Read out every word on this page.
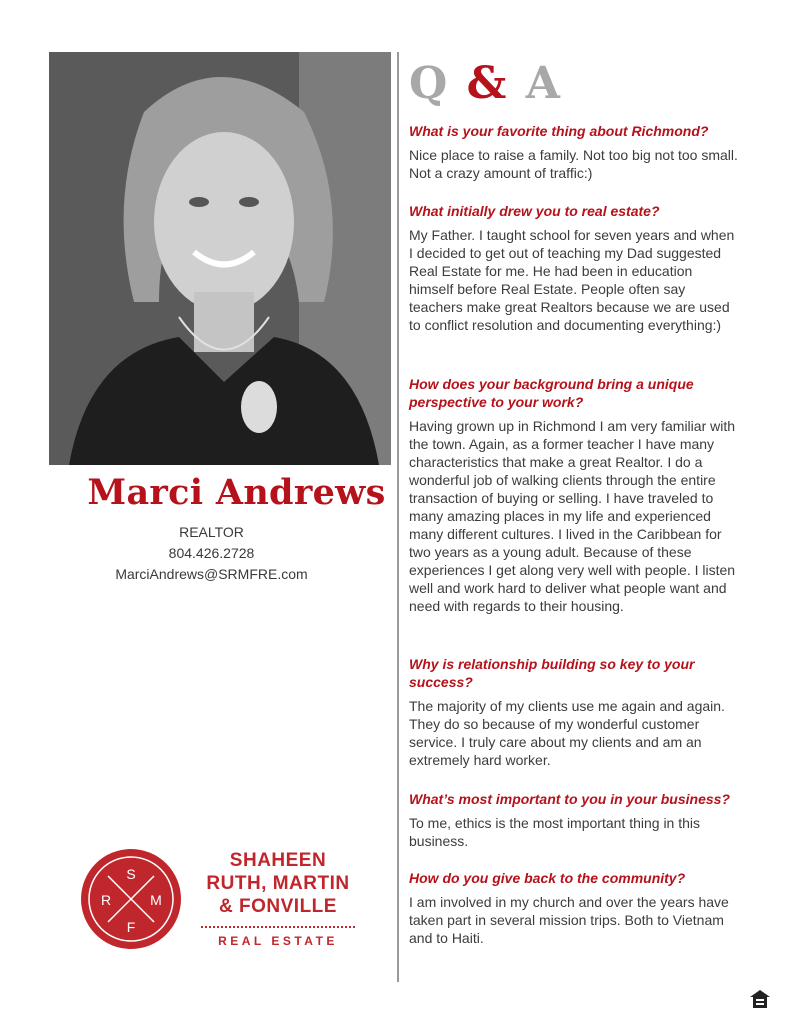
Marci Andrews
REALTOR
804.426.2728
MarciAndrews@SRMFRE.com
Q & A

What is your favorite thing about Richmond?

Nice place to raise a family. Not too big not too small. Not a crazy amount of traffic:)

What initially drew you to real estate?

My Father. I taught school for seven years and when I decided to get out of teaching my Dad suggested Real Estate for me. He had been in education himself before Real Estate. People often say teachers make great Realtors because we are used to conflict resolution and documenting everything:)

How does your background bring a unique perspective to your work?

Having grown up in Richmond I am very familiar with the town. Again, as a former teacher I have many characteristics that make a great Realtor. I do a wonderful job of walking clients through the entire transaction of buying or selling. I have traveled to many amazing places in my life and experienced many different cultures. I lived in the Caribbean for two years as a young adult. Because of these experiences I get along very well with people. I listen well and work hard to deliver what people want and need with regards to their housing.

Why is relationship building so key to your success?

The majority of my clients use me again and again. They do so because of my wonderful customer service. I truly care about my clients and am an extremely hard worker.

What’s most important to you in your business?

To me, ethics is the most important thing in this business.

How do you give back to the community?

I am involved in my church and over the years have taken part in several mission trips. Both to Vietnam and to Haiti.

S
R	M
F
SHAHEEN
RUTH, MARTIN
& FONVILLE
REAL ESTATE
